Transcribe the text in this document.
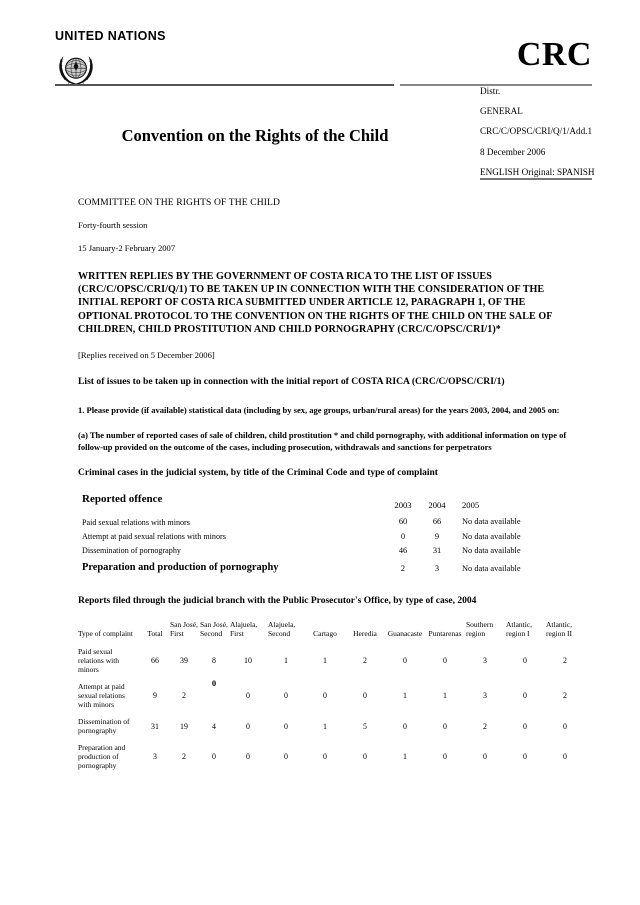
UNITED NATIONS	CRC
Convention on the Rights of the Child
Distr.
GENERAL
CRC/C/OPSC/CRI/Q/1/Add.1
8 December 2006
ENGLISH Original: SPANISH
COMMITTEE ON THE RIGHTS OF THE CHILD
Forty-fourth session
15 January-2 February 2007
WRITTEN REPLIES BY THE GOVERNMENT OF COSTA RICA TO THE LIST OF ISSUES (CRC/C/OPSC/CRI/Q/1) TO BE TAKEN UP IN CONNECTION WITH THE CONSIDERATION OF THE INITIAL REPORT OF COSTA RICA SUBMITTED UNDER ARTICLE 12, PARAGRAPH 1, OF THE OPTIONAL PROTOCOL TO THE CONVENTION ON THE RIGHTS OF THE CHILD ON THE SALE OF CHILDREN, CHILD PROSTITUTION AND CHILD PORNOGRAPHY (CRC/C/OPSC/CRI/1)*
[Replies received on 5 December 2006]
List of issues to be taken up in connection with the initial report of COSTA RICA (CRC/C/OPSC/CRI/1)
1. Please provide (if available) statistical data (including by sex, age groups, urban/rural areas) for the years 2003, 2004, and 2005 on:
(a) The number of reported cases of sale of children, child prostitution * and child pornography, with additional information on type of follow-up provided on the outcome of the cases, including prosecution, withdrawals and sanctions for perpetrators
Criminal cases in the judicial system, by title of the Criminal Code and type of complaint
Reported offence	2003	2004	2005
Paid sexual relations with minors	60	66	No data available
Attempt at paid sexual relations with minors	0	9	No data available
Dissemination of pornography	46	31	No data available
Preparation and production of pornography	2	3	No data available
Reports filed through the judicial branch with the Public Prosecutor's Office, by type of case, 2004
Type of complaint	Total	San José, First	San José, Second	Alajuela, First	Alajuela, Second	Cartago	Heredia	Guanacaste	Puntarenas	Southern region	Atlantic, region I	Atlantic, region II
Paid sexual relations with minors	66	39	8	10	1	1	2	0	0	3	0	2
Attempt at paid sexual relations with minors	9	2	0	0	0	0	0	1	1	3	0	2
Dissemination of pornography	31	19	4	0	0	1	5	0	0	2	0	0
Preparation and production of pornography	3	2	0	0	0	0	0	1	0	0	0	0
